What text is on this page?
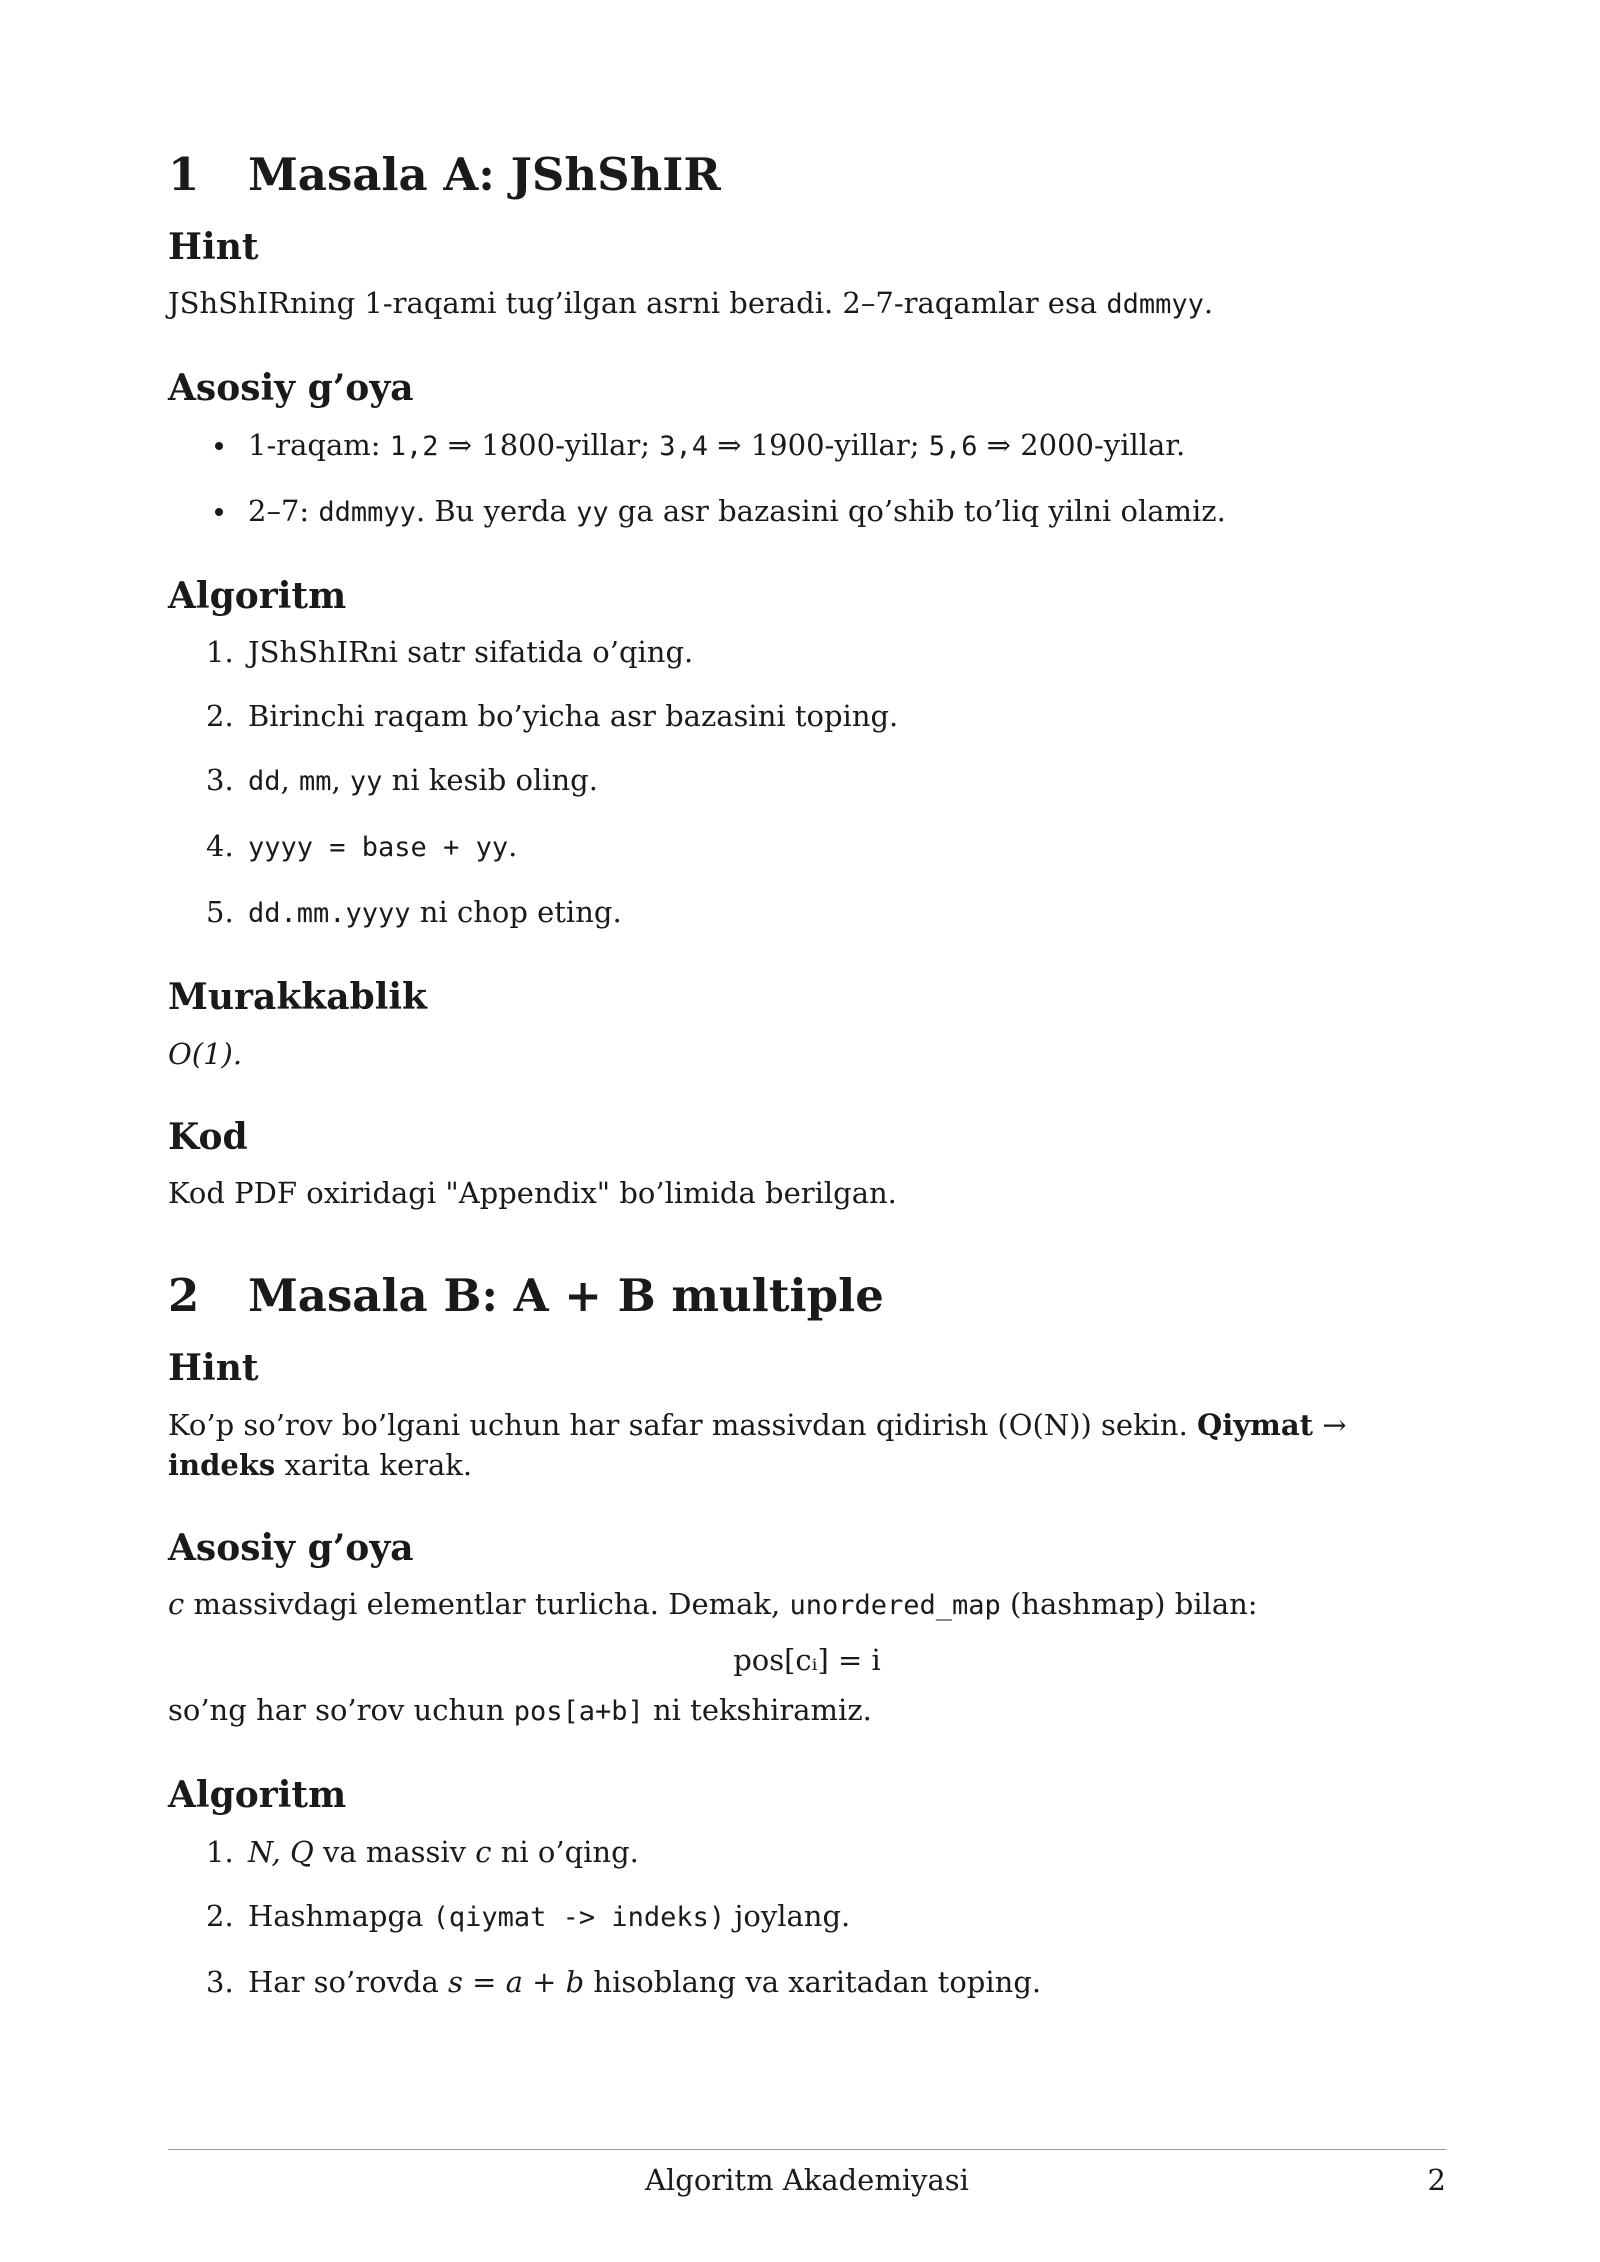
1	Masala A: JShShIR
Hint

JShShIRning 1-raqami tug’ilgan asrni beradi. 2–7-raqamlar esa ddmmyy.

Asosiy g’oya
1-raqam: 1,2 ⇒ 1800-yillar; 3,4 ⇒ 1900-yillar; 5,6 ⇒ 2000-yillar.
2–7: ddmmyy. Bu yerda yy ga asr bazasini qo’shib to’liq yilni olamiz.
Algoritm
1. JShShIRni satr sifatida o’qing.
2. Birinchi raqam bo’yicha asr bazasini toping.
3. dd, mm, yy ni kesib oling.
4. yyyy = base + yy.
5. dd.mm.yyyy ni chop eting.
Murakkablik

O(1).

Kod

Kod PDF oxiridagi "Appendix" bo’limida berilgan.

2	Masala B: A + B multiple
Hint

Ko’p so’rov bo’lgani uchun har safar massivdan qidirish (O(N)) sekin. Qiymat → indeks xarita kerak.

Asosiy g’oya

c massivdagi elementlar turlicha. Demak, unordered_map (hashmap) bilan:

pos[cᵢ] = i

so’ng har so’rov uchun pos[a+b] ni tekshiramiz.

Algoritm
1. N, Q va massiv c ni o’qing.
2. Hashmapga (qiymat -> indeks) joylang.
3. Har so’rovda s = a + b hisoblang va xaritadan toping.
Algoritm Akademiyasi	2
